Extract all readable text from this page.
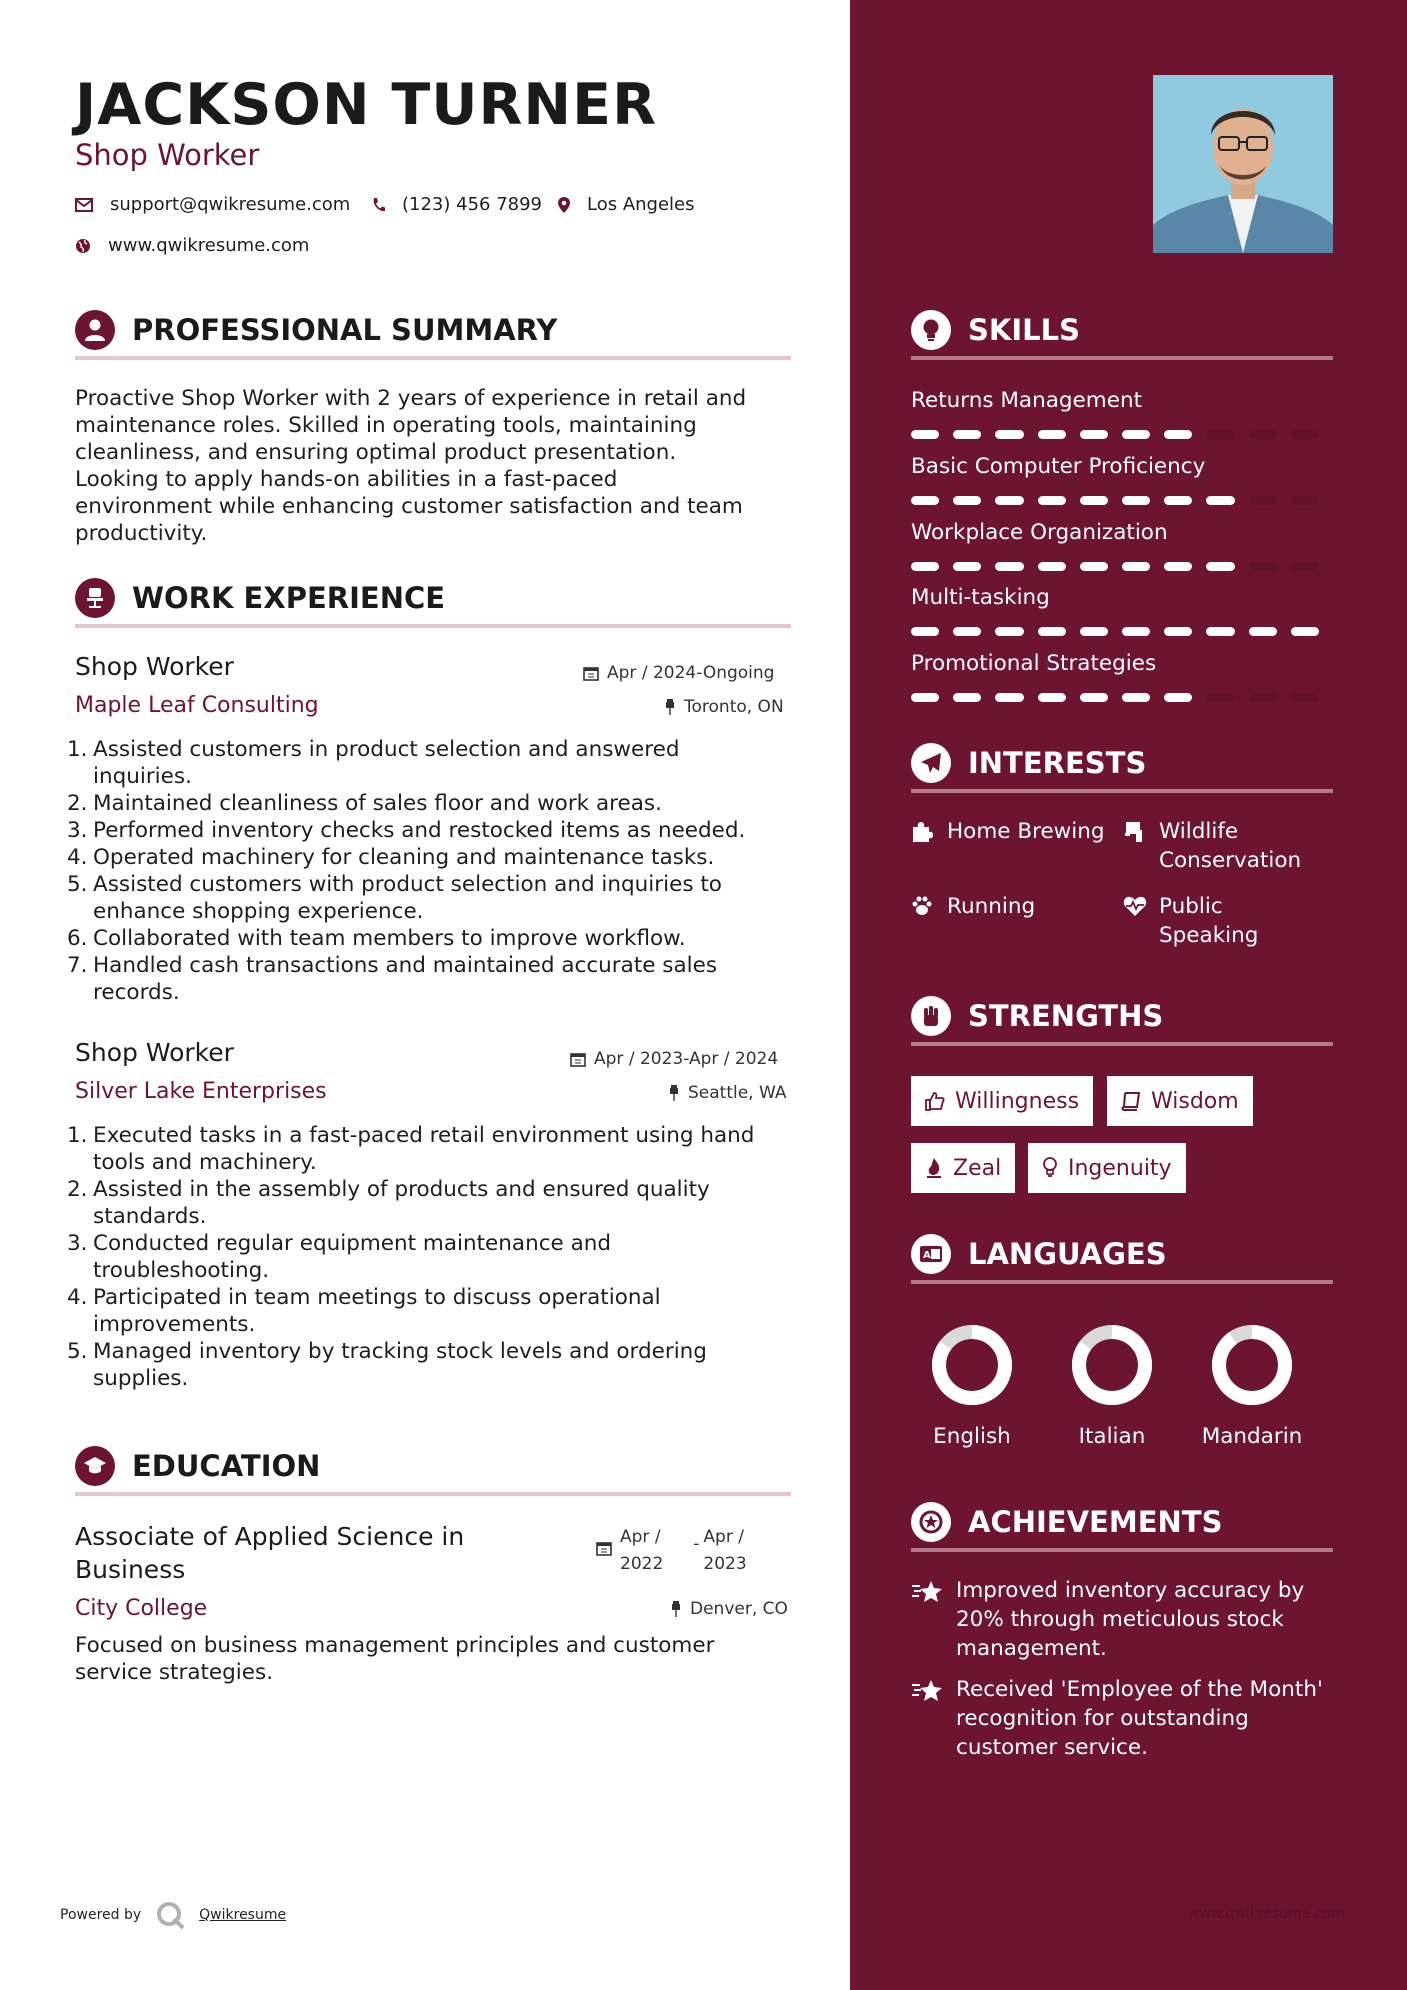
JACKSON TURNER
Shop Worker
support@qwikresume.com	(123) 456 7899 Los Angeles
www.qwikresume.com
PROFESSIONAL SUMMARY
Proactive Shop Worker with 2 years of experience in retail and
maintenance roles. Skilled in operating tools, maintaining
cleanliness, and ensuring optimal product presentation.
Looking to apply hands-on abilities in a fast-paced
environment while enhancing customer satisfaction and team
productivity.
WORK EXPERIENCE
Shop Worker	Apr / 2024-Ongoing
Maple Leaf Consulting	Toronto, ON
1. Assisted customers in product selection and answered
inquiries.
2. Maintained cleanliness of sales floor and work areas.
3. Performed inventory checks and restocked items as needed.
4. Operated machinery for cleaning and maintenance tasks.
5. Assisted customers with product selection and inquiries to
enhance shopping experience.
6. Collaborated with team members to improve workflow.
7. Handled cash transactions and maintained accurate sales
records.
Shop Worker	Apr / 2023-Apr / 2024
Silver Lake Enterprises	Seattle, WA
1. Executed tasks in a fast-paced retail environment using hand
tools and machinery.
2. Assisted in the assembly of products and ensured quality
standards.
3. Conducted regular equipment maintenance and
troubleshooting.
4. Participated in team meetings to discuss operational
improvements.
5. Managed inventory by tracking stock levels and ordering
supplies.
EDUCATION
Associate of Applied Science in
Business
Apr /
2022
- Apr /
2023
City College	Denver, CO
Focused on business management principles and customer
service strategies.
Powered by	Qwikresume
SKILLS
Returns Management
Basic Computer Proficiency
Workplace Organization
Multi-tasking
Promotional Strategies
INTERESTS
Home Brewing	Wildlife
Conservation
Running	Public
Speaking
STRENGTHS
Willingness	Wisdom
Zeal	Ingenuity
A LANGUAGES
English	Italian	Mandarin
ACHIEVEMENTS
Improved inventory accuracy by
20% through meticulous stock
management.
Received 'Employee of the Month'
recognition for outstanding
customer service.
www.qwikresume.com
